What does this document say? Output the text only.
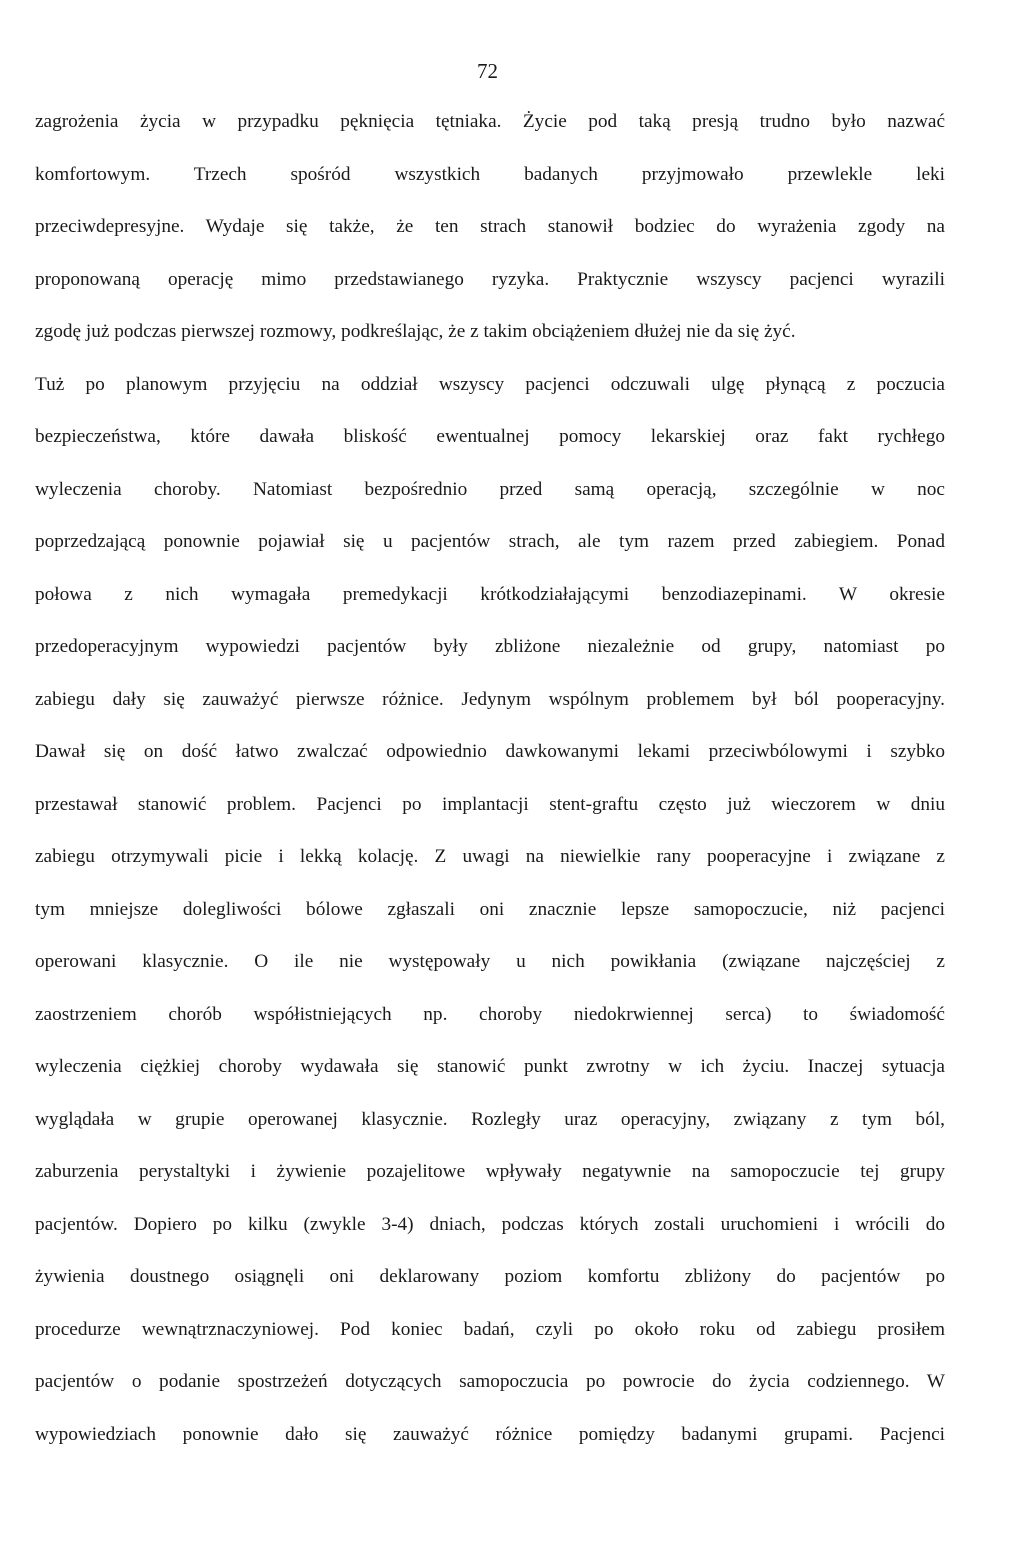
72
zagrożenia życia w przypadku pęknięcia tętniaka. Życie pod taką presją trudno było nazwać
komfortowym. Trzech spośród wszystkich badanych przyjmowało przewlekle leki
przeciwdepresyjne. Wydaje się także, że ten strach stanowił bodziec do wyrażenia zgody na
proponowaną operację mimo przedstawianego ryzyka. Praktycznie wszyscy pacjenci wyrazili
zgodę już podczas pierwszej rozmowy, podkreślając, że z takim obciążeniem dłużej nie da się żyć.
Tuż po planowym przyjęciu na oddział wszyscy pacjenci odczuwali ulgę płynącą z poczucia
bezpieczeństwa, które dawała bliskość ewentualnej pomocy lekarskiej oraz fakt rychłego
wyleczenia choroby. Natomiast bezpośrednio przed samą operacją, szczególnie w noc
poprzedzającą ponownie pojawiał się u pacjentów strach, ale tym razem przed zabiegiem. Ponad
połowa z nich wymagała premedykacji krótkodziałającymi benzodiazepinami. W okresie
przedoperacyjnym wypowiedzi pacjentów były zbliżone niezależnie od grupy, natomiast po
zabiegu dały się zauważyć pierwsze różnice. Jedynym wspólnym problemem był ból pooperacyjny.
Dawał się on dość łatwo zwalczać odpowiednio dawkowanymi lekami przeciwbólowymi i szybko
przestawał stanowić problem. Pacjenci po implantacji stent-graftu często już wieczorem w dniu
zabiegu otrzymywali picie i lekką kolację. Z uwagi na niewielkie rany pooperacyjne i związane z
tym mniejsze dolegliwości bólowe zgłaszali oni znacznie lepsze samopoczucie, niż pacjenci
operowani klasycznie. O ile nie występowały u nich powikłania (związane najczęściej z
zaostrzeniem chorób współistniejących np. choroby niedokrwiennej serca) to świadomość
wyleczenia ciężkiej choroby wydawała się stanowić punkt zwrotny w ich życiu. Inaczej sytuacja
wyglądała w grupie operowanej klasycznie. Rozległy uraz operacyjny, związany z tym ból,
zaburzenia perystaltyki i żywienie pozajelitowe wpływały negatywnie na samopoczucie tej grupy
pacjentów. Dopiero po kilku (zwykle 3-4) dniach, podczas których zostali uruchomieni i wrócili do
żywienia doustnego osiągnęli oni deklarowany poziom komfortu zbliżony do pacjentów po
procedurze wewnątrznaczyniowej. Pod koniec badań, czyli po około roku od zabiegu prosiłem
pacjentów o podanie spostrzeżeń dotyczących samopoczucia po powrocie do życia codziennego. W
wypowiedziach ponownie dało się zauważyć różnice pomiędzy badanymi grupami. Pacjenci
